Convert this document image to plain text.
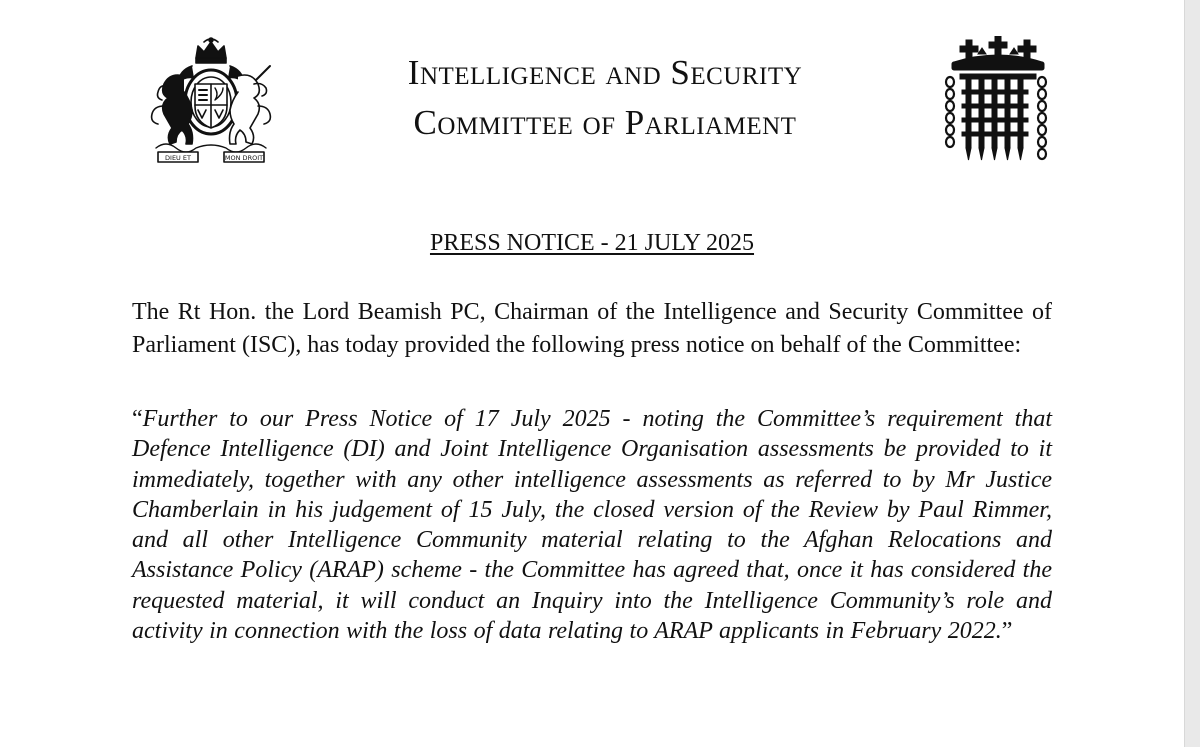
DIEU ET	MON DROIT
Intelligence and Security
Committee of Parliament
PRESS NOTICE - 21 JULY 2025

The Rt Hon. the Lord Beamish PC, Chairman of the Intelligence and Security Committee of Parliament (ISC), has today provided the following press notice on behalf of the Committee:

“Further to our Press Notice of 17 July 2025 - noting the Committee’s requirement that Defence Intelligence (DI) and Joint Intelligence Organisation assessments be provided to it immediately, together with any other intelligence assessments as referred to by Mr Justice Chamberlain in his judgement of 15 July, the closed version of the Review by Paul Rimmer, and all other Intelligence Community material relating to the Afghan Relocations and Assistance Policy (ARAP) scheme - the Committee has agreed that, once it has considered the requested material, it will conduct an Inquiry into the Intelligence Community’s role and activity in connection with the loss of data relating to ARAP applicants in February 2022.”
